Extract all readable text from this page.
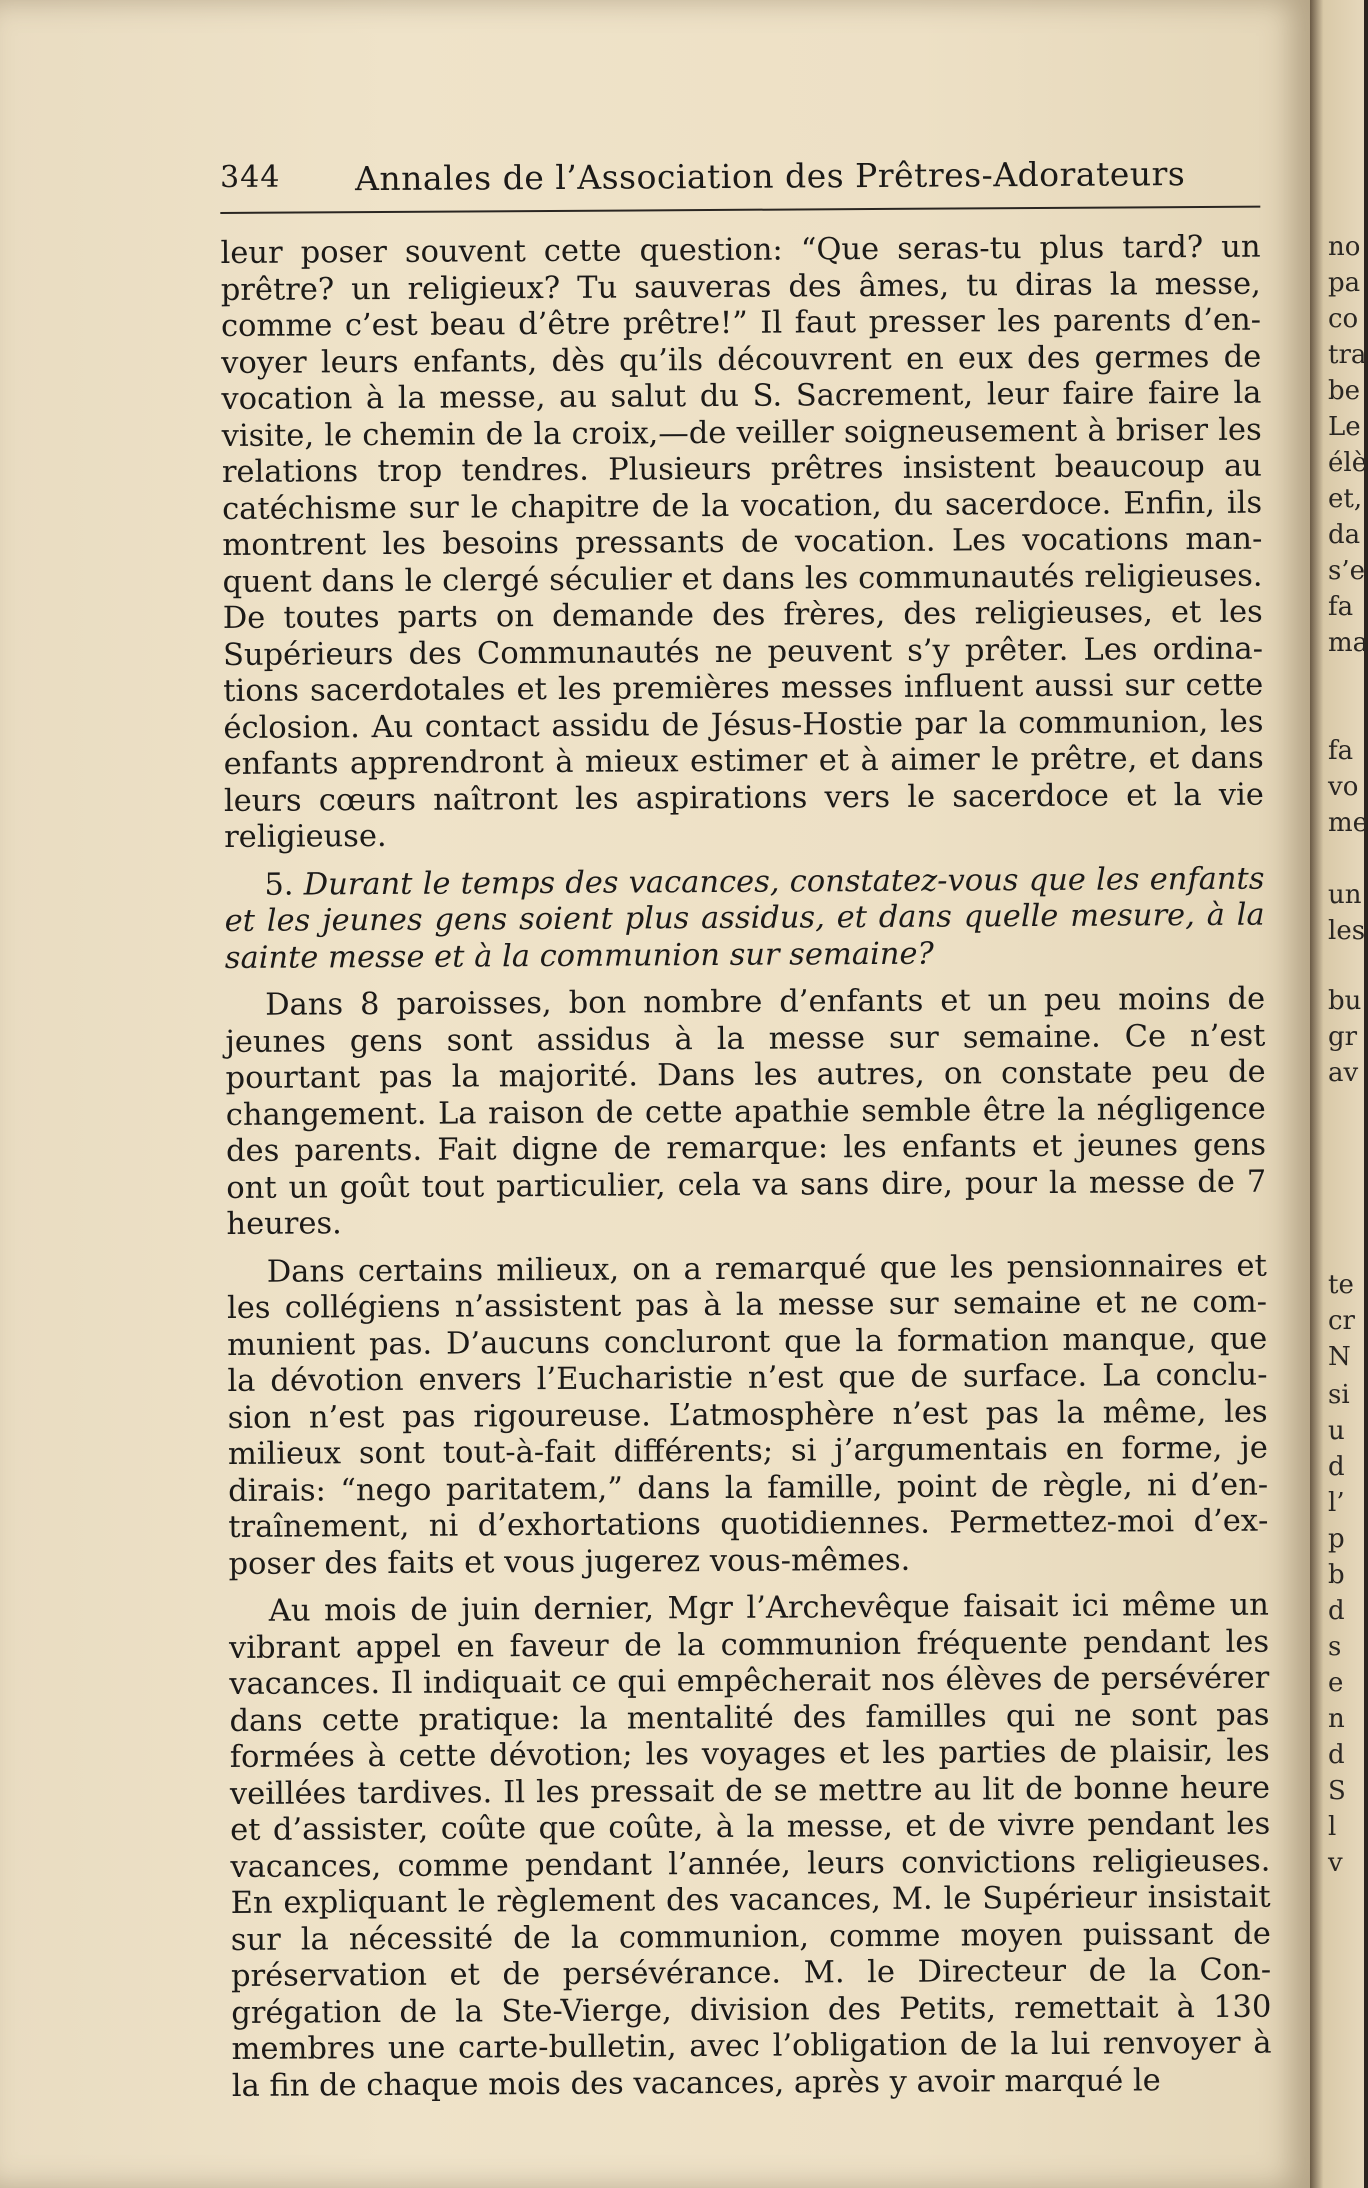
344 Annales de l’Association des Prêtres-Adorateurs

leur poser souvent cette question: “Que seras-tu plus tard? un prêtre? un religieux? Tu sauveras des âmes, tu diras la messe, comme c’est beau d’être prêtre!” Il faut presser les parents d’envoyer leurs enfants, dès qu’ils découvrent en eux des germes de vocation à la messe, au salut du S. Sacrement, leur faire faire la visite, le chemin de la croix,—de veiller soigneusement à briser les relations trop tendres. Plusieurs prêtres insistent beaucoup au catéchisme sur le chapitre de la vocation, du sacerdoce. Enfin, ils montrent les besoins pressants de vocation. Les vocations manquent dans le clergé séculier et dans les communautés religieuses. De toutes parts on demande des frères, des religieuses, et les Supérieurs des Communautés ne peuvent s’y prêter. Les ordinations sacerdotales et les premières messes influent aussi sur cette éclosion. Au contact assidu de Jésus-Hostie par la communion, les enfants apprendront à mieux estimer et à aimer le prêtre, et dans leurs cœurs naîtront les aspirations vers le sacerdoce et la vie religieuse.

5. Durant le temps des vacances, constatez-vous que les enfants et les jeunes gens soient plus assidus, et dans quelle mesure, à la sainte messe et à la communion sur semaine?

Dans 8 paroisses, bon nombre d’enfants et un peu moins de jeunes gens sont assidus à la messe sur semaine. Ce n’est pourtant pas la majorité. Dans les autres, on constate peu de changement. La raison de cette apathie semble être la négligence des parents. Fait digne de remarque: les enfants et jeunes gens ont un goût tout particulier, cela va sans dire, pour la messe de 7 heures.

Dans certains milieux, on a remarqué que les pensionnaires et les collégiens n’assistent pas à la messe sur semaine et ne communient pas. D’aucuns concluront que la formation manque, que la dévotion envers l’Eucharistie n’est que de surface. La conclusion n’est pas rigoureuse. L’atmosphère n’est pas la même, les milieux sont tout-à-fait différents; si j’argumentais en forme, je dirais: “nego paritatem,” dans la famille, point de règle, ni d’entraînement, ni d’exhortations quotidiennes. Permettez-moi d’exposer des faits et vous jugerez vous-mêmes.

Au mois de juin dernier, Mgr l’Archevêque faisait ici même un vibrant appel en faveur de la communion fréquente pendant les vacances. Il indiquait ce qui empêcherait nos élèves de persévérer dans cette pratique: la mentalité des familles qui ne sont pas formées à cette dévotion; les voyages et les parties de plaisir, les veillées tardives. Il les pressait de se mettre au lit de bonne heure et d’assister, coûte que coûte, à la messe, et de vivre pendant les vacances, comme pendant l’année, leurs convictions religieuses. En expliquant le règlement des vacances, M. le Supérieur insistait sur la nécessité de la communion, comme moyen puissant de préservation et de persévérance. M. le Directeur de la Congrégation de la Ste-Vierge, division des Petits, remettait à 130 membres une carte-bulletin, avec l’obligation de la lui renvoyer à la fin de chaque mois des vacances, après y avoir marqué le

no
pa
co
tra
be
Le
élè
et,
da
s’e
fa
ma
fa
vo
me
un
les
bu
gr
av
te
cr
N
si
u
d
l’
p
b
d
s
e
n
d
S
l
v
